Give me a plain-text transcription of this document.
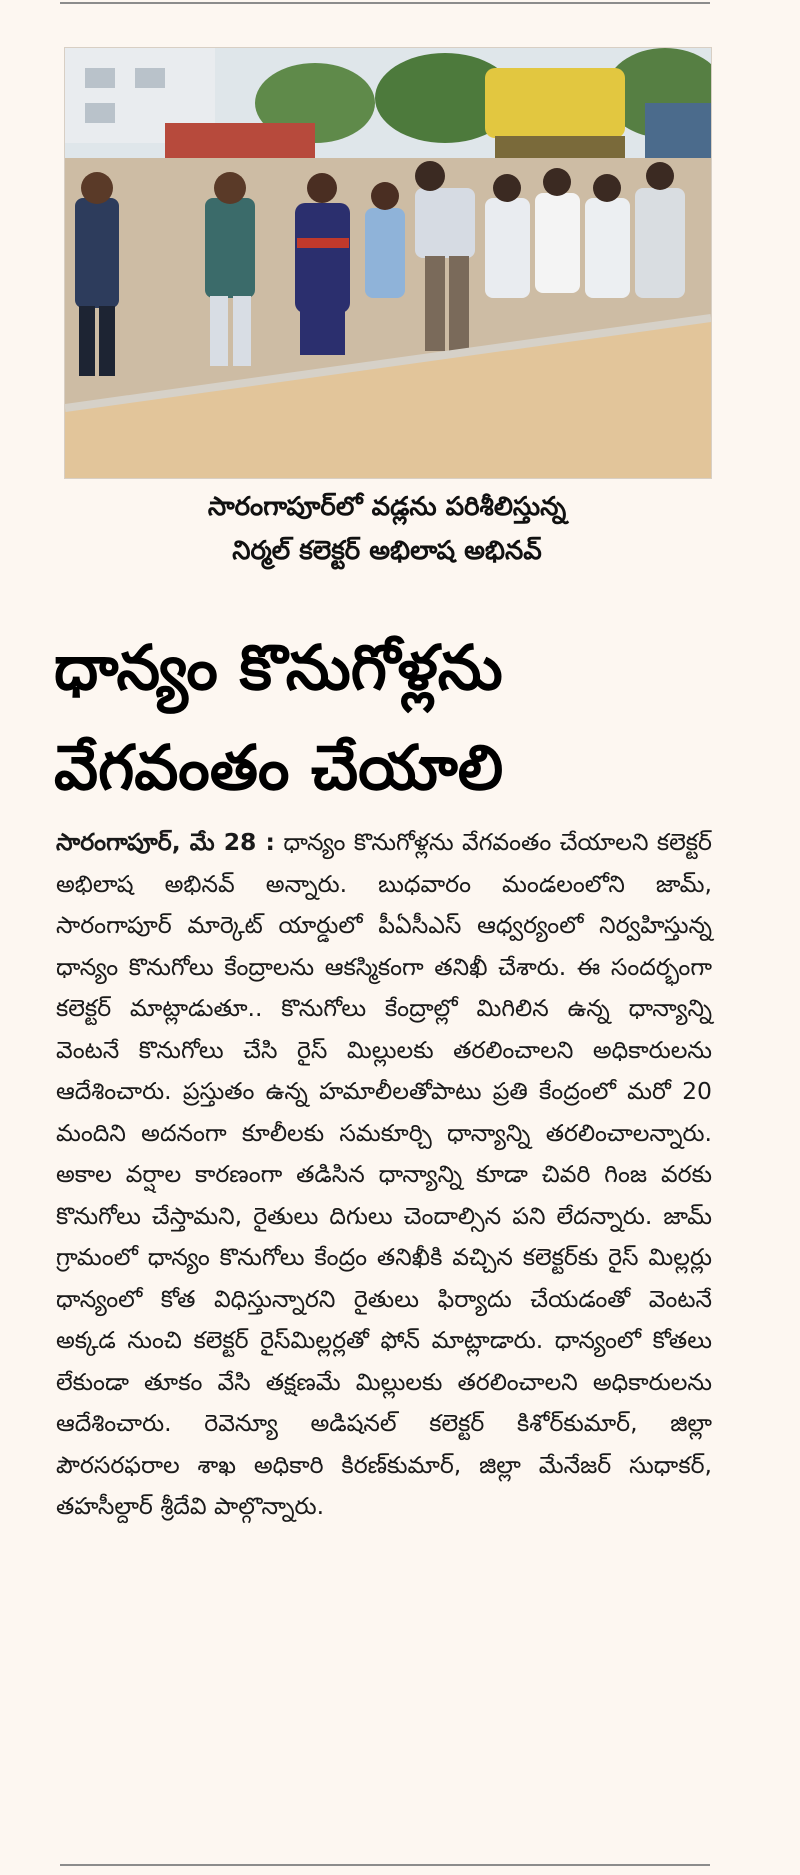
సారంగాపూర్‌లో వడ్లను పరిశీలిస్తున్న
నిర్మల్ కలెక్టర్ అభిలాష అభినవ్
ధాన్యం కొనుగోళ్లను
వేగవంతం చేయాలి
సారంగాపూర్, మే 28 : ధాన్యం కొనుగోళ్లను వేగవంతం చేయాలని కలెక్టర్ అభిలాష అభినవ్ అన్నారు. బుధవారం మండలంలోని జామ్, సారంగాపూర్ మార్కెట్ యార్డులో పీఏసీఎస్ ఆధ్వర్యంలో నిర్వహిస్తున్న ధాన్యం కొనుగోలు కేంద్రాలను ఆకస్మికంగా తనిఖీ చేశారు. ఈ సందర్భంగా కలెక్టర్ మాట్లాడుతూ.. కొనుగోలు కేంద్రాల్లో మిగిలిన ఉన్న ధాన్యాన్ని వెంటనే కొనుగోలు చేసి రైస్ మిల్లులకు తరలించాలని అధికారులను ఆదేశించారు. ప్రస్తుతం ఉన్న హమాలీలతోపాటు ప్రతి కేంద్రంలో మరో 20 మందిని అదనంగా కూలీలకు సమకూర్చి ధాన్యాన్ని తరలించాలన్నారు. అకాల వర్షాల కారణంగా తడిసిన ధాన్యాన్ని కూడా చివరి గింజ వరకు కొనుగోలు చేస్తామని, రైతులు దిగులు చెందాల్సిన పని లేదన్నారు. జామ్ గ్రామంలో ధాన్యం కొనుగోలు కేంద్రం తనిఖీకి వచ్చిన కలెక్టర్‌కు రైస్ మిల్లర్లు ధాన్యంలో కోత విధిస్తున్నారని రైతులు ఫిర్యాదు చేయడంతో వెంటనే అక్కడ నుంచి కలెక్టర్ రైస్‌మిల్లర్లతో ఫోన్ మాట్లాడారు. ధాన్యంలో కోతలు లేకుండా తూకం వేసి తక్షణమే మిల్లులకు తరలించాలని అధికారులను ఆదేశించారు. రెవెన్యూ అడిషనల్ కలెక్టర్ కిశోర్‌కుమార్, జిల్లా పౌరసరఫరాల శాఖ అధికారి కిరణ్‌కుమార్, జిల్లా మేనేజర్ సుధాకర్, తహసీల్దార్ శ్రీదేవి పాల్గొన్నారు.
